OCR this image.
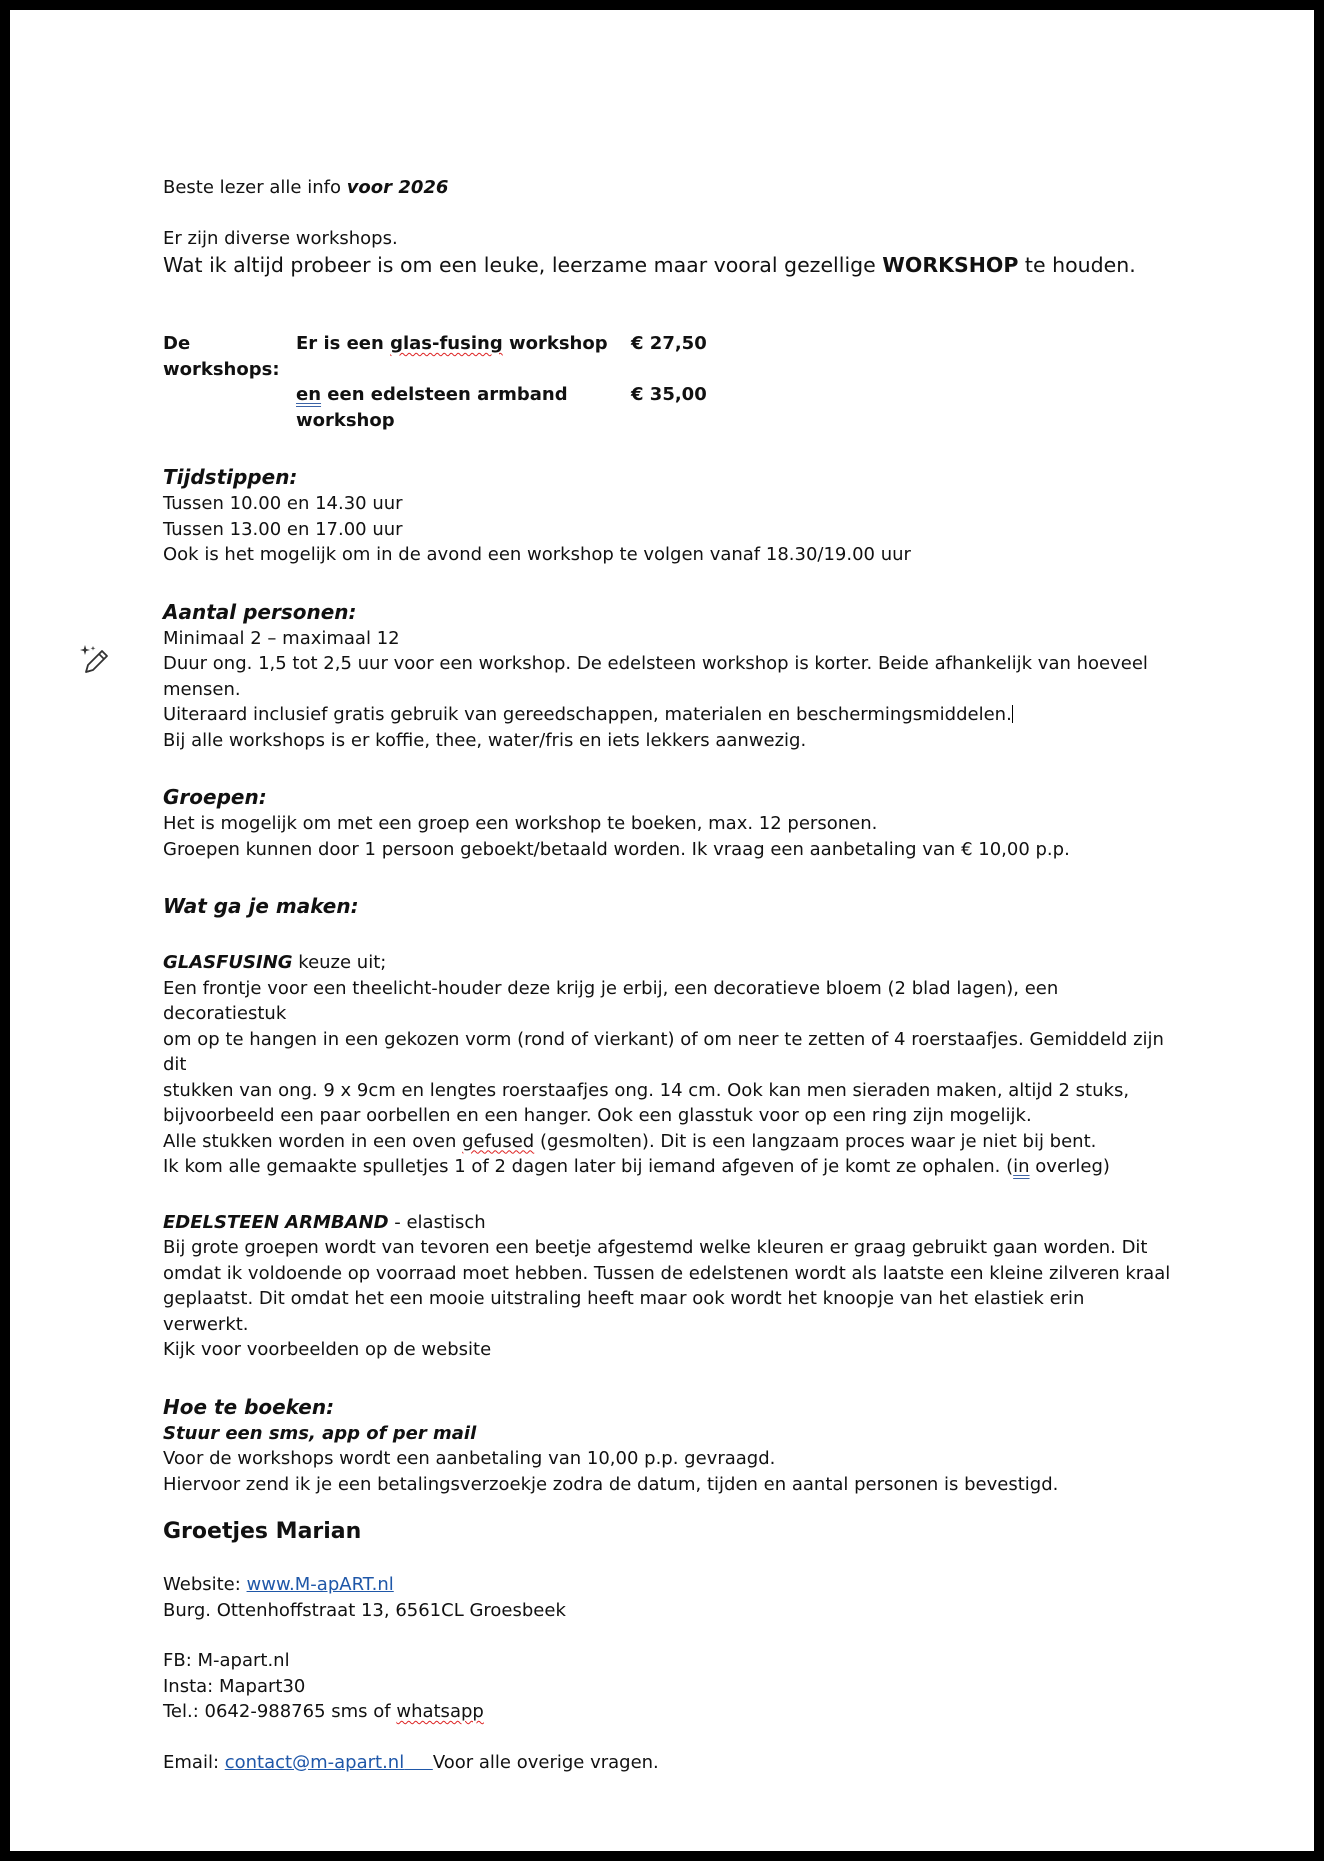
Beste lezer alle info voor 2026

Er zijn diverse workshops.

Wat ik altijd probeer is om een leuke, leerzame maar vooral gezellige WORKSHOP te houden.

De workshops:
Er is een glas-fusing workshop	€ 27,50
en een edelsteen armband workshop
€ 35,00

Tijdstippen:

Tussen 10.00 en 14.30 uur

Tussen 13.00 en 17.00 uur

Ook is het mogelijk om in de avond een workshop te volgen vanaf 18.30/19.00 uur

Aantal personen:

Minimaal 2 – maximaal 12

Duur ong. 1,5 tot 2,5 uur voor een workshop. De edelsteen workshop is korter. Beide afhankelijk van hoeveel

mensen.

Uiteraard inclusief gratis gebruik van gereedschappen, materialen en beschermingsmiddelen.

Bij alle workshops is er koffie, thee, water/fris en iets lekkers aanwezig.

Groepen:

Het is mogelijk om met een groep een workshop te boeken, max. 12 personen.

Groepen kunnen door 1 persoon geboekt/betaald worden. Ik vraag een aanbetaling van € 10,00 p.p.

Wat ga je maken:

GLASFUSING keuze uit;

Een frontje voor een theelicht-houder deze krijg je erbij, een decoratieve bloem (2 blad lagen), een decoratiestuk

om op te hangen in een gekozen vorm (rond of vierkant) of om neer te zetten of 4 roerstaafjes. Gemiddeld zijn dit

stukken van ong. 9 x 9cm en lengtes roerstaafjes ong. 14 cm. Ook kan men sieraden maken, altijd 2 stuks,

bijvoorbeeld een paar oorbellen en een hanger. Ook een glasstuk voor op een ring zijn mogelijk.

Alle stukken worden in een oven gefused (gesmolten). Dit is een langzaam proces waar je niet bij bent.

Ik kom alle gemaakte spulletjes 1 of 2 dagen later bij iemand afgeven of je komt ze ophalen. (in overleg)

EDELSTEEN ARMBAND - elastisch

Bij grote groepen wordt van tevoren een beetje afgestemd welke kleuren er graag gebruikt gaan worden. Dit

omdat ik voldoende op voorraad moet hebben. Tussen de edelstenen wordt als laatste een kleine zilveren kraal

geplaatst. Dit omdat het een mooie uitstraling heeft maar ook wordt het knoopje van het elastiek erin verwerkt.

Kijk voor voorbeelden op de website

Hoe te boeken:

Stuur een sms, app of per mail

Voor de workshops wordt een aanbetaling van 10,00 p.p. gevraagd.

Hiervoor zend ik je een betalingsverzoekje zodra de datum, tijden en aantal personen is bevestigd.

Groetjes Marian

Website: www.M-apART.nl

Burg. Ottenhoffstraat 13, 6561CL Groesbeek

FB: M-apart.nl

Insta: Mapart30

Tel.: 0642-988765 sms of whatsapp

Email: contact@m-apart.nl Voor alle overige vragen.
